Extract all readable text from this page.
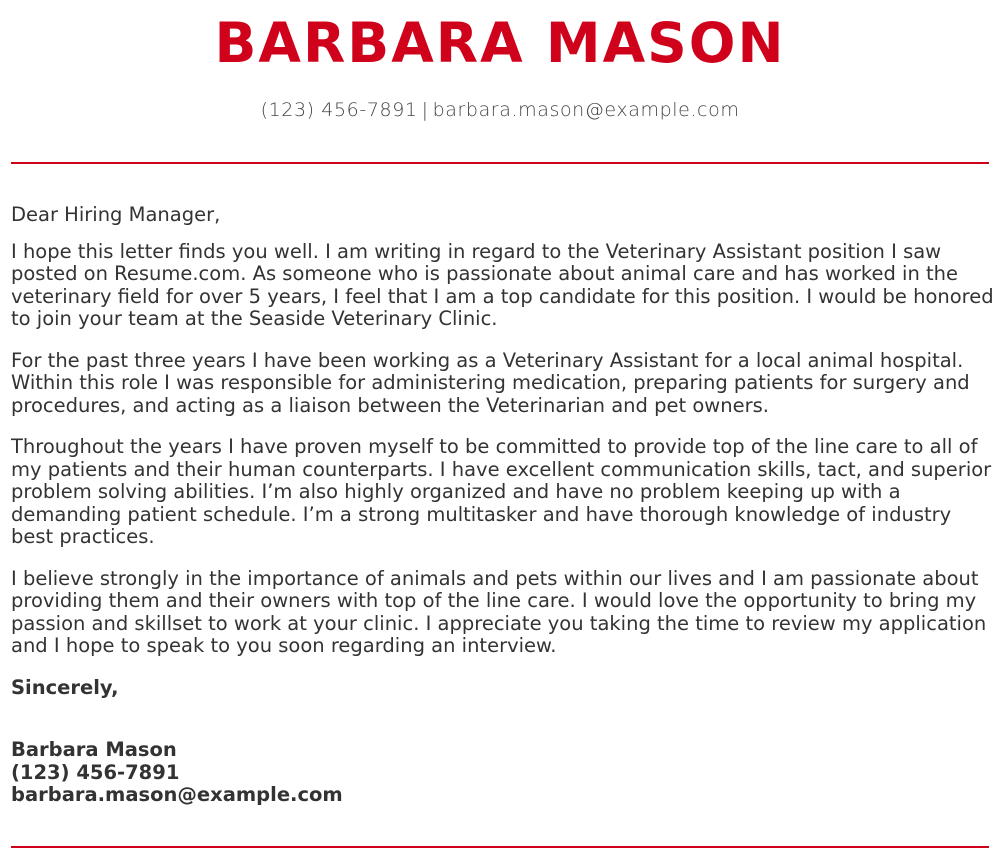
BARBARA MASON
(123) 456-7891 | barbara.mason@example.com

Dear Hiring Manager,

I hope this letter finds you well. I am writing in regard to the Veterinary Assistant position I saw posted on Resume.com. As someone who is passionate about animal care and has worked in the veterinary field for over 5 years, I feel that I am a top candidate for this position. I would be honored to join your team at the Seaside Veterinary Clinic.

For the past three years I have been working as a Veterinary Assistant for a local animal hospital. Within this role I was responsible for administering medication, preparing patients for surgery and procedures, and acting as a liaison between the Veterinarian and pet owners.

Throughout the years I have proven myself to be committed to provide top of the line care to all of my patients and their human counterparts. I have excellent communication skills, tact, and superior problem solving abilities. I’m also highly organized and have no problem keeping up with a demanding patient schedule. I’m a strong multitasker and have thorough knowledge of industry best practices.

I believe strongly in the importance of animals and pets within our lives and I am passionate about providing them and their owners with top of the line care. I would love the opportunity to bring my passion and skillset to work at your clinic. I appreciate you taking the time to review my application and I hope to speak to you soon regarding an interview.

Sincerely,
Barbara Mason
(123) 456-7891
barbara.mason@example.com
